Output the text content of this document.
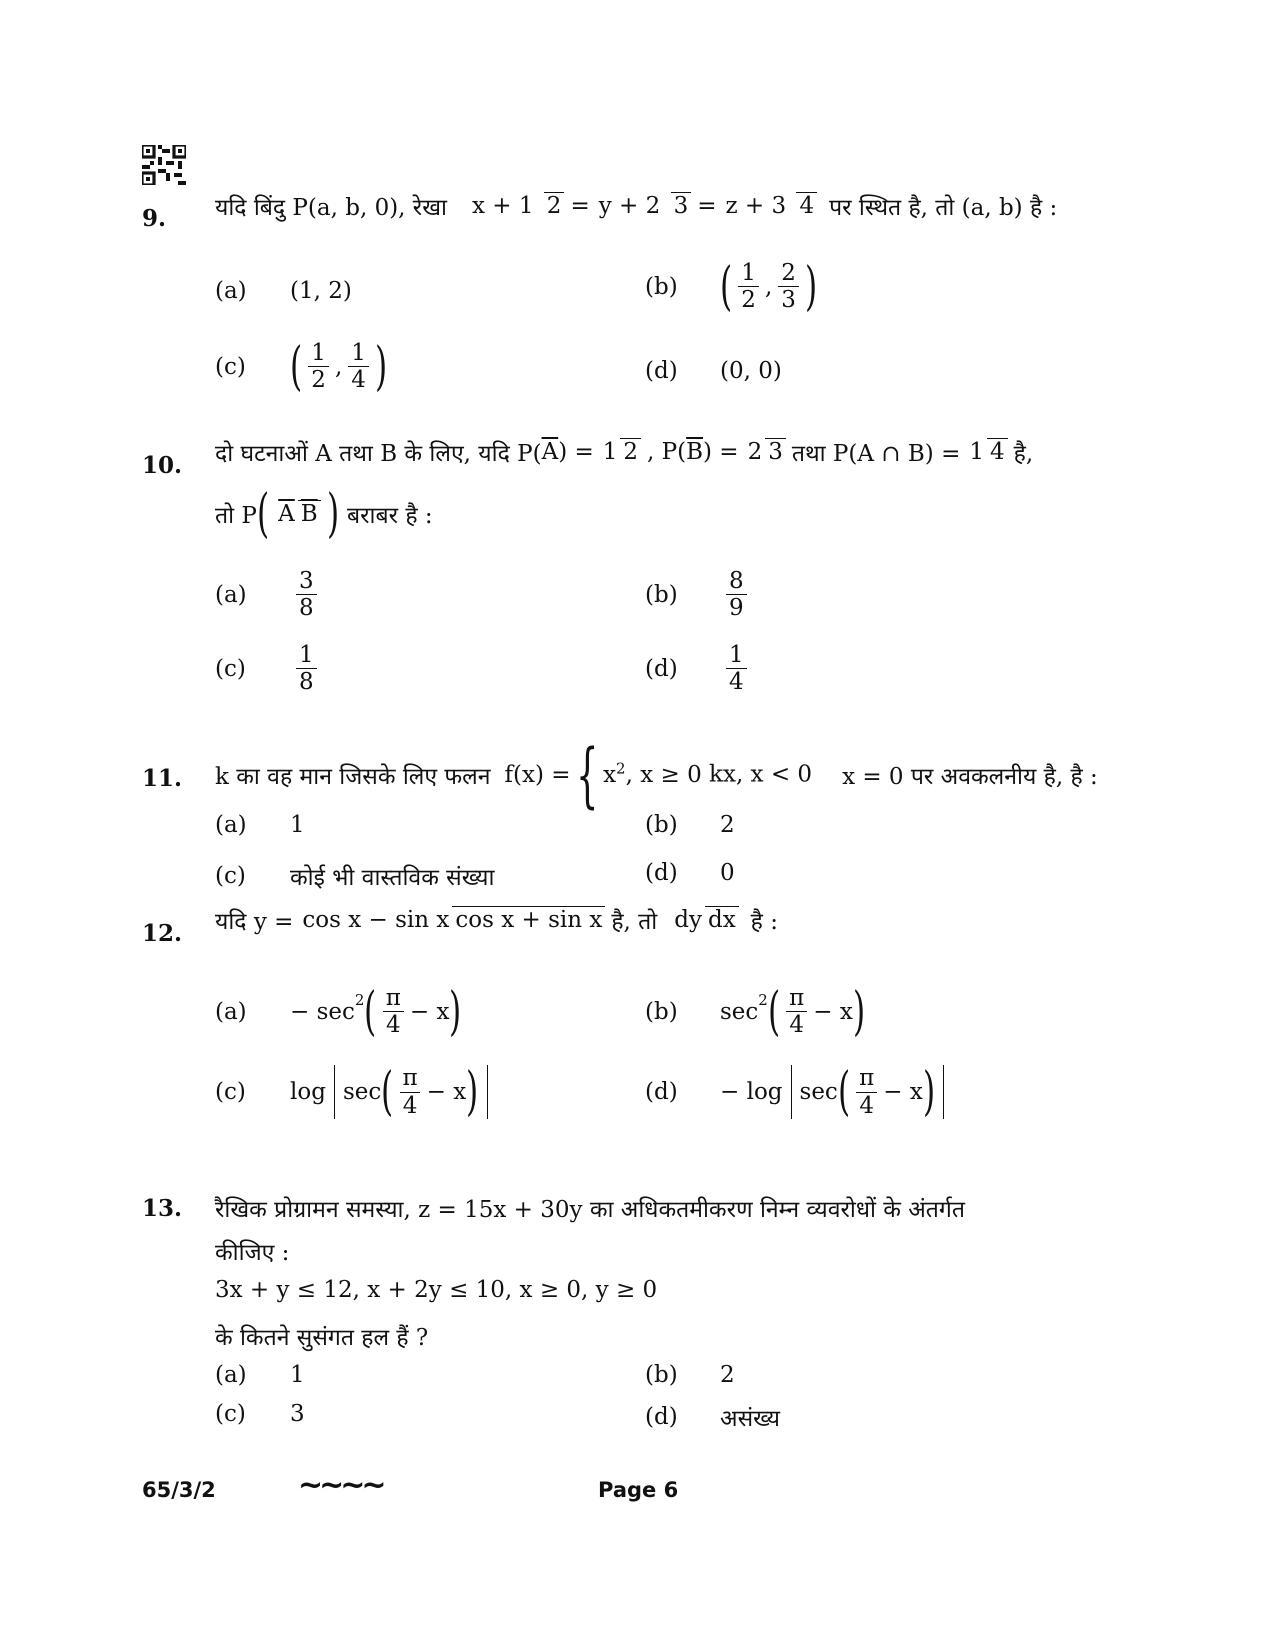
9. यदि बिंदु P(a, b, 0), रेखा x + 1 2 = y + 2 3 = z + 3 4 पर स्थित है, तो (a, b) है :
(a)	(1, 2)	(b) ( $\frac{1}{2}$ , $\frac{2}{3}$ )
(c) ( $\frac{1}{2}$ , $\frac{1}{4}$ )	(d)	(0, 0)
10. दो घटनाओं A तथा B के लिए, यदि P( $\overline{A}$ ) = 1 2 , P( $\overline{B}$ ) = 2 3 तथा P(A ∩ B) = 1 4 है,
तो P ( $\overline{A}$ $\overline{B}$ ) बराबर है :
(a)	$\frac{3}{8}$	(b)	$\frac{8}{9}$
(c)	$\frac{1}{8}$	(d)	$\frac{1}{4}$
11. k का वह मान जिसके लिए फलन f(x) = { $x^2$, x ≥ 0 kx, x < 0 x = 0 पर अवकलनीय है, है :
(a)	1	(b)	2
(c)	कोई भी वास्तविक संख्या	(d)	0
12. यदि y = cos x − sin x cos x + sin x है, तो dy dx है :
(a)	− $\sec^2$ ( $\frac{\pi}{4} - x$ )	(b)	$\sec^2$ ( $\frac{\pi}{4} - x$ )
(c)	log sec ( $\frac{\pi}{4} - x$ )	(d)	− log sec ( $\frac{\pi}{4} - x$ )
13. रैखिक प्रोग्रामन समस्या, z = 15x + 30y का अधिकतमीकरण निम्न व्यवरोधों के अंतर्गत
कीजिए :
3x + y ≤ 12, x + 2y ≤ 10, x ≥ 0, y ≥ 0
के कितने सुसंगत हल हैं ?
(a)	1	(b)	2
(c)	3	(d)	असंख्य
65/3/2	~~~~	Page 6
